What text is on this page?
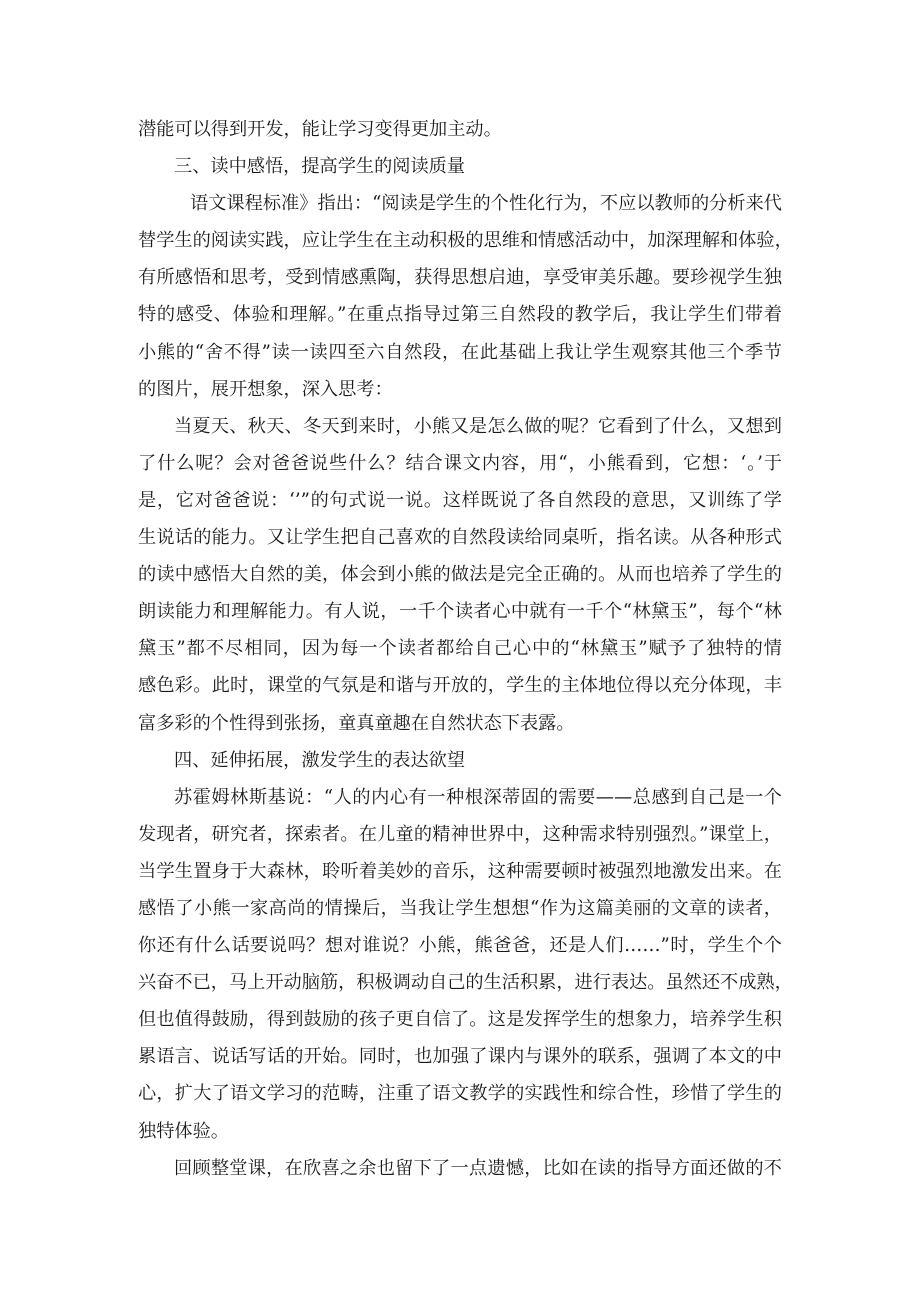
潜能可以得到开发，能让学习变得更加主动。
三、读中感悟，提高学生的阅读质量
语文课程标准》指出：“阅读是学生的个性化行为，不应以教师的分析来代
替学生的阅读实践，应让学生在主动积极的思维和情感活动中，加深理解和体验，
有所感悟和思考，受到情感熏陶，获得思想启迪，享受审美乐趣。要珍视学生独
特的感受、体验和理解。”在重点指导过第三自然段的教学后，我让学生们带着
小熊的“舍不得”读一读四至六自然段，在此基础上我让学生观察其他三个季节
的图片，展开想象，深入思考：
当夏天、秋天、冬天到来时，小熊又是怎么做的呢？它看到了什么，又想到
了什么呢？会对爸爸说些什么？结合课文内容，用“，小熊看到，它想：‘。’于
是，它对爸爸说：‘’”的句式说一说。这样既说了各自然段的意思，又训练了学
生说话的能力。又让学生把自己喜欢的自然段读给同桌听，指名读。从各种形式
的读中感悟大自然的美，体会到小熊的做法是完全正确的。从而也培养了学生的
朗读能力和理解能力。有人说，一千个读者心中就有一千个“林黛玉”，每个“林
黛玉”都不尽相同，因为每一个读者都给自己心中的“林黛玉”赋予了独特的情
感色彩。此时，课堂的气氛是和谐与开放的，学生的主体地位得以充分体现，丰
富多彩的个性得到张扬，童真童趣在自然状态下表露。
四、延伸拓展，激发学生的表达欲望
苏霍姆林斯基说：“人的内心有一种根深蒂固的需要——总感到自己是一个
发现者，研究者，探索者。在儿童的精神世界中，这种需求特别强烈。”课堂上，
当学生置身于大森林，聆听着美妙的音乐，这种需要顿时被强烈地激发出来。在
感悟了小熊一家高尚的情操后，当我让学生想想“作为这篇美丽的文章的读者，
你还有什么话要说吗？想对谁说？小熊，熊爸爸，还是人们……”时，学生个个
兴奋不已，马上开动脑筋，积极调动自己的生活积累，进行表达。虽然还不成熟，
但也值得鼓励，得到鼓励的孩子更自信了。这是发挥学生的想象力，培养学生积
累语言、说话写话的开始。同时，也加强了课内与课外的联系，强调了本文的中
心，扩大了语文学习的范畴，注重了语文教学的实践性和综合性，珍惜了学生的
独特体验。
回顾整堂课，在欣喜之余也留下了一点遗憾，比如在读的指导方面还做的不
